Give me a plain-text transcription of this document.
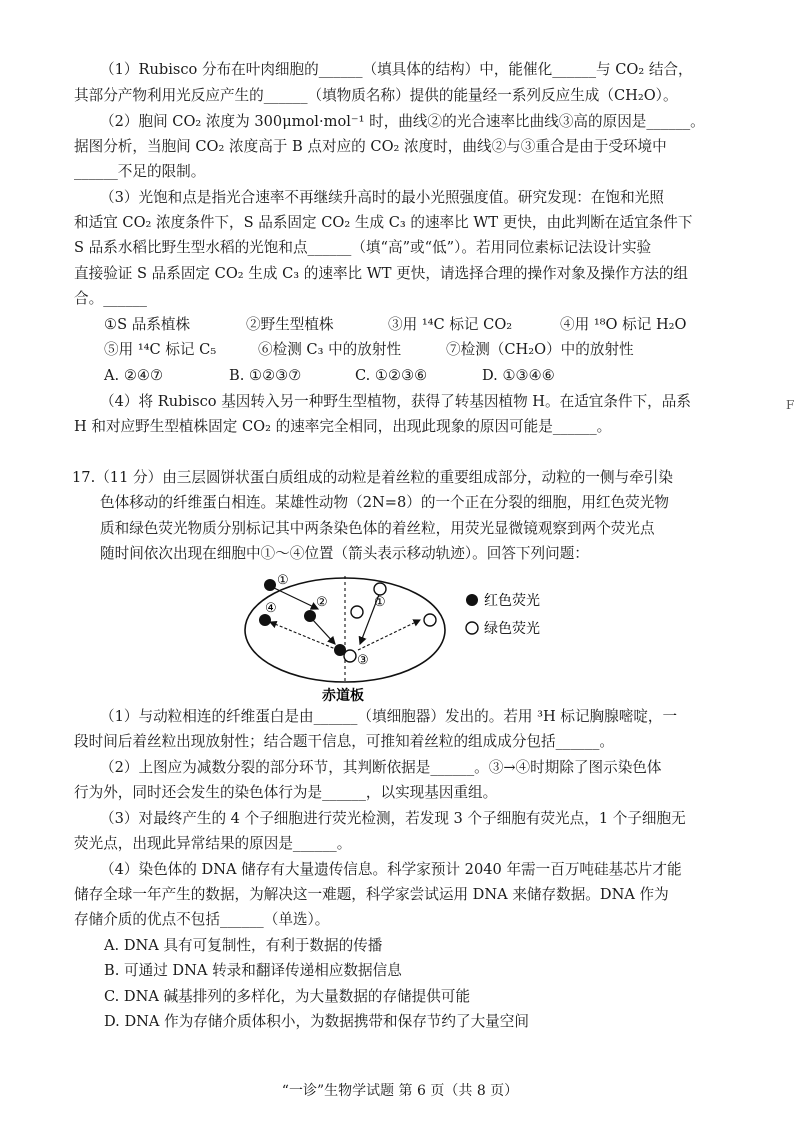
（1）Rubisco 分布在叶肉细胞的______（填具体的结构）中，能催化______与 CO₂ 结合，
其部分产物利用光反应产生的______（填物质名称）提供的能量经一系列反应生成（CH₂O）。
（2）胞间 CO₂ 浓度为 300μmol·mol⁻¹ 时，曲线②的光合速率比曲线③高的原因是______。
据图分析，当胞间 CO₂ 浓度高于 B 点对应的 CO₂ 浓度时，曲线②与③重合是由于受环境中
______不足的限制。
（3）光饱和点是指光合速率不再继续升高时的最小光照强度值。研究发现：在饱和光照
和适宜 CO₂ 浓度条件下，S 品系固定 CO₂ 生成 C₃ 的速率比 WT 更快，由此判断在适宜条件下
S 品系水稻比野生型水稻的光饱和点______（填“高”或“低”）。若用同位素标记法设计实验
直接验证 S 品系固定 CO₂ 生成 C₃ 的速率比 WT 更快，请选择合理的操作对象及操作方法的组
合。______
①S 品系植株	②野生型植株	③用 ¹⁴C 标记 CO₂	④用 ¹⁸O 标记 H₂O
⑤用 ¹⁴C 标记 C₅	⑥检测 C₃ 中的放射性	⑦检测（CH₂O）中的放射性
A. ②④⑦	B. ①②③⑦	C. ①②③⑥	D. ①③④⑥
（4）将 Rubisco 基因转入另一种野生型植物，获得了转基因植物 H。在适宜条件下，品系
H 和对应野生型植株固定 CO₂ 的速率完全相同，出现此现象的原因可能是______。
F
17.（11 分）由三层圆饼状蛋白质组成的动粒是着丝粒的重要组成部分，动粒的一侧与牵引染
色体移动的纤维蛋白相连。某雄性动物（2N=8）的一个正在分裂的细胞，用红色荧光物
质和绿色荧光物质分别标记其中两条染色体的着丝粒，用荧光显微镜观察到两个荧光点
随时间依次出现在细胞中①～④位置（箭头表示移动轨迹）。回答下列问题：
①
②
③
④	①	红色荧光
绿色荧光
赤道板
（1）与动粒相连的纤维蛋白是由______（填细胞器）发出的。若用 ³H 标记胸腺嘧啶，一
段时间后着丝粒出现放射性；结合题干信息，可推知着丝粒的组成成分包括______。
（2）上图应为减数分裂的部分环节，其判断依据是______。③→④时期除了图示染色体
行为外，同时还会发生的染色体行为是______，以实现基因重组。
（3）对最终产生的 4 个子细胞进行荧光检测，若发现 3 个子细胞有荧光点，1 个子细胞无
荧光点，出现此异常结果的原因是______。
（4）染色体的 DNA 储存有大量遗传信息。科学家预计 2040 年需一百万吨硅基芯片才能
储存全球一年产生的数据，为解决这一难题，科学家尝试运用 DNA 来储存数据。DNA 作为
存储介质的优点不包括______（单选）。
A. DNA 具有可复制性，有利于数据的传播
B. 可通过 DNA 转录和翻译传递相应数据信息
C. DNA 碱基排列的多样化，为大量数据的存储提供可能
D. DNA 作为存储介质体积小，为数据携带和保存节约了大量空间
“一诊”生物学试题 第 6 页（共 8 页）
